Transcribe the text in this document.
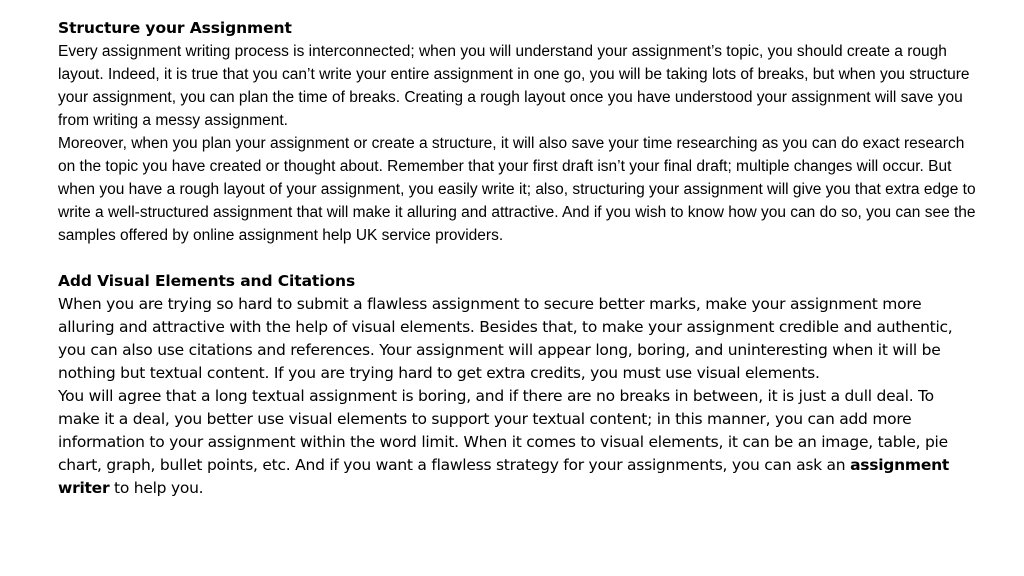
Structure your Assignment

Every assignment writing process is interconnected; when you will understand your assignment’s topic, you should create a rough layout. Indeed, it is true that you can’t write your entire assignment in one go, you will be taking lots of breaks, but when you structure your assignment, you can plan the time of breaks. Creating a rough layout once you have understood your assignment will save you from writing a messy assignment.

Moreover, when you plan your assignment or create a structure, it will also save your time researching as you can do exact research on the topic you have created or thought about. Remember that your first draft isn’t your final draft; multiple changes will occur. But when you have a rough layout of your assignment, you easily write it; also, structuring your assignment will give you that extra edge to write a well-structured assignment that will make it alluring and attractive. And if you wish to know how you can do so, you can see the samples offered by online assignment help UK service providers.

Add Visual Elements and Citations

When you are trying so hard to submit a flawless assignment to secure better marks, make your assignment more alluring and attractive with the help of visual elements. Besides that, to make your assignment credible and authentic, you can also use citations and references. Your assignment will appear long, boring, and uninteresting when it will be nothing but textual content. If you are trying hard to get extra credits, you must use visual elements.

You will agree that a long textual assignment is boring, and if there are no breaks in between, it is just a dull deal. To make it a deal, you better use visual elements to support your textual content; in this manner, you can add more information to your assignment within the word limit. When it comes to visual elements, it can be an image, table, pie chart, graph, bullet points, etc. And if you want a flawless strategy for your assignments, you can ask an assignment writer to help you.
